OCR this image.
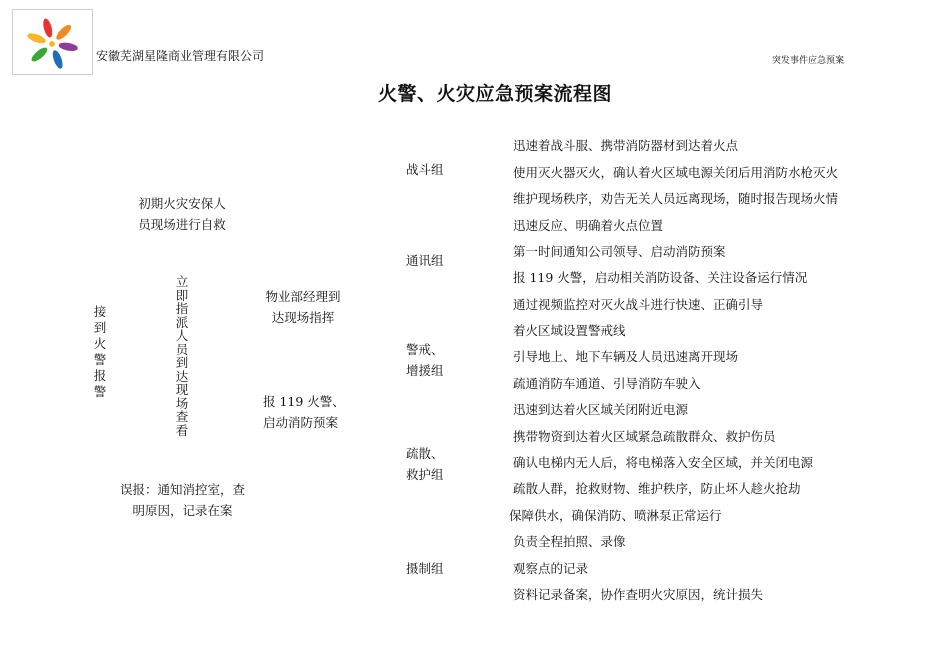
安徽芜湖星隆商业管理有限公司	突发事件应急预案
火警、火灾应急预案流程图
接
到
火
警
报
警
初期火灾安保人
员现场进行自救
立
即
指
派
人
员
到
达
现
场
查
看
物业部经理到
达现场指挥
报 119 火警、
启动消防预案
误报：通知消控室，查
明原因，记录在案
战斗组
通讯组
警戒、
增援组
疏散、
救护组
摄制组
迅速着战斗服、携带消防器材到达着火点
使用灭火器灭火，确认着火区域电源关闭后用消防水枪灭火
维护现场秩序，劝告无关人员远离现场，随时报告现场火情
迅速反应、明确着火点位置
第一时间通知公司领导、启动消防预案
报 119 火警，启动相关消防设备、关注设备运行情况
通过视频监控对灭火战斗进行快速、正确引导
着火区域设置警戒线
引导地上、地下车辆及人员迅速离开现场
疏通消防车通道、引导消防车驶入
迅速到达着火区域关闭附近电源
携带物资到达着火区域紧急疏散群众、救护伤员
确认电梯内无人后，将电梯落入安全区域，并关闭电源
疏散人群，抢救财物、维护秩序，防止坏人趁火抢劫
保障供水，确保消防、喷淋泵正常运行
负责全程拍照、录像
观察点的记录
资料记录备案，协作查明火灾原因，统计损失
